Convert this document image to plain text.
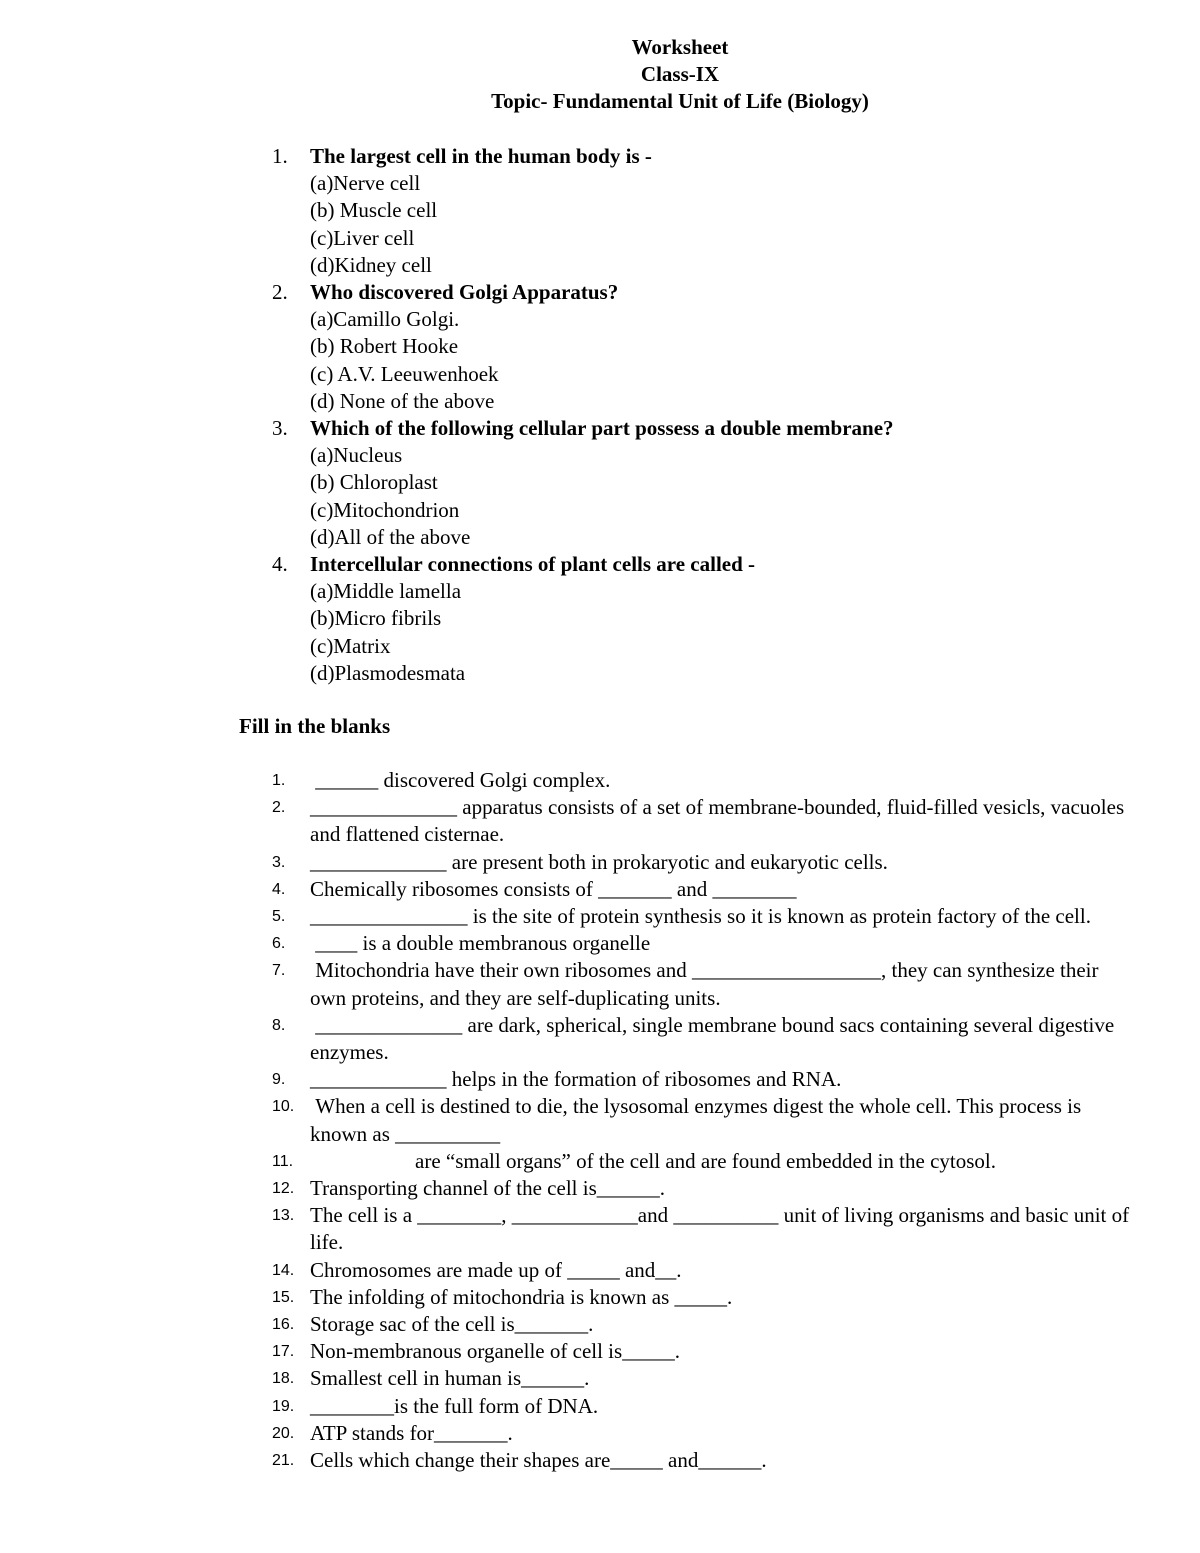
Worksheet
Class-IX
Topic- Fundamental Unit of Life (Biology)
1. The largest cell in the human body is -
(a)Nerve cell
(b) Muscle cell
(c)Liver cell
(d)Kidney cell
2. Who discovered Golgi Apparatus?
(a)Camillo Golgi.
(b) Robert Hooke
(c) A.V. Leeuwenhoek
(d) None of the above
3. Which of the following cellular part possess a double membrane?
(a)Nucleus
(b) Chloroplast
(c)Mitochondrion
(d)All of the above
4. Intercellular connections of plant cells are called -
(a)Middle lamella
(b)Micro fibrils
(c)Matrix
(d)Plasmodesmata
Fill in the blanks
1. ______ discovered Golgi complex.
2. ______________ apparatus consists of a set of membrane-bounded, fluid-filled vesicls, vacuoles and flattened cisternae.
3. _____________ are present both in prokaryotic and eukaryotic cells.
4. Chemically ribosomes consists of _______ and ________
5. _______________ is the site of protein synthesis so it is known as protein factory of the cell.
6. ____ is a double membranous organelle
7. Mitochondria have their own ribosomes and __________________, they can synthesize their own proteins, and they are self-duplicating units.
8. ______________ are dark, spherical, single membrane bound sacs containing several digestive enzymes.
9. _____________ helps in the formation of ribosomes and RNA.
10. When a cell is destined to die, the lysosomal enzymes digest the whole cell. This process is known as __________
11. are “small organs” of the cell and are found embedded in the cytosol.
12. Transporting channel of the cell is______.
13. The cell is a ________, ____________and __________ unit of living organisms and basic unit of life.
14. Chromosomes are made up of _____ and__.
15. The infolding of mitochondria is known as _____.
16. Storage sac of the cell is_______.
17. Non-membranous organelle of cell is_____.
18. Smallest cell in human is______.
19. ________is the full form of DNA.
20. ATP stands for_______.
21. Cells which change their shapes are_____ and______.
